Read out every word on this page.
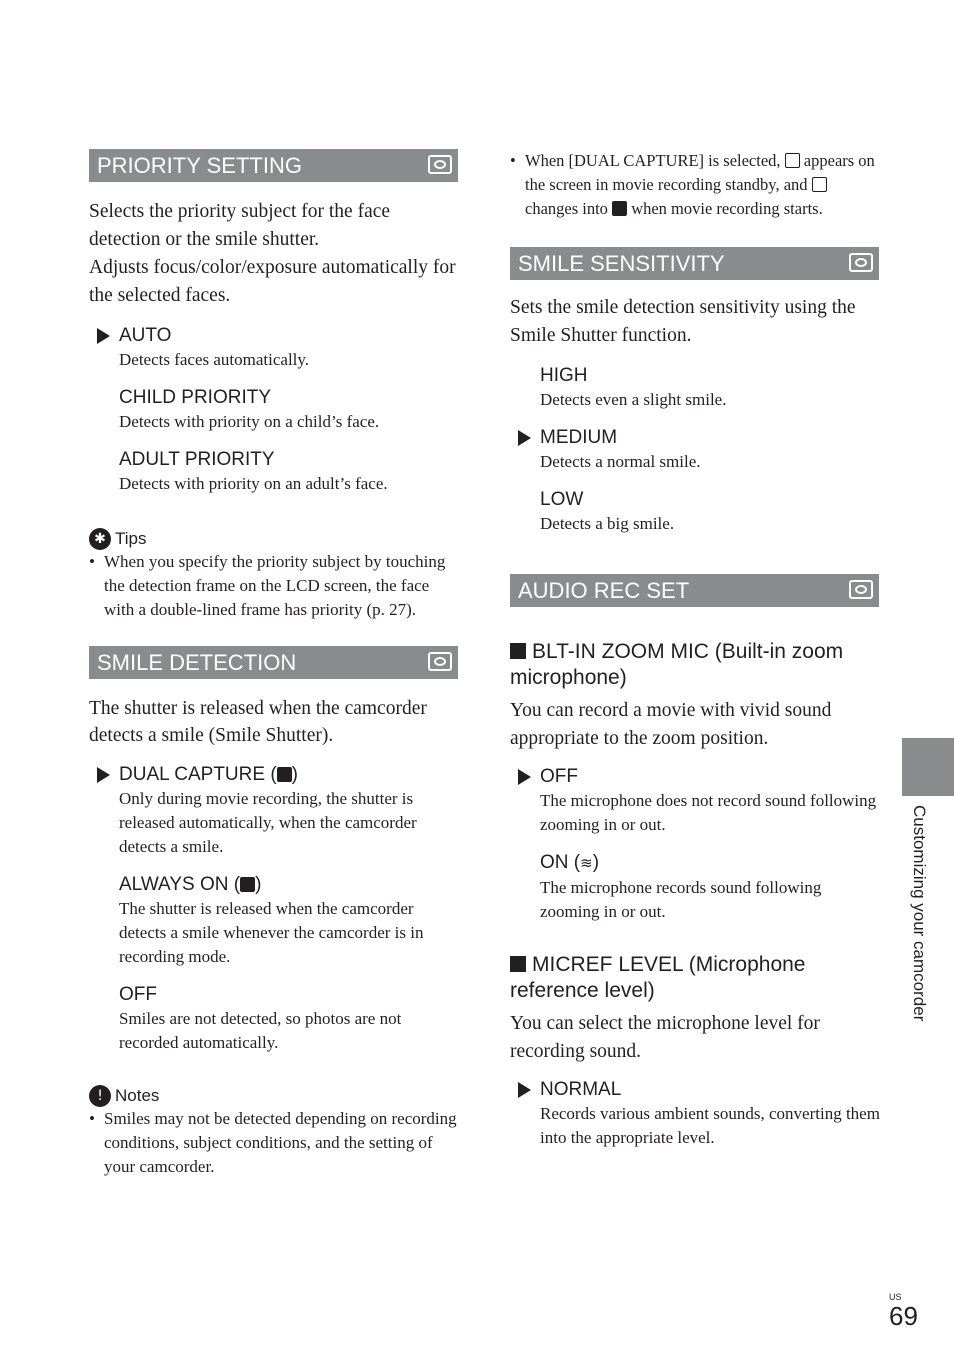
PRIORITY SETTING

Selects the priority subject for the face detection or the smile shutter.

Adjusts focus/color/exposure automatically for the selected faces.

AUTO
Detects faces automatically.
CHILD PRIORITY
Detects with priority on a child’s face.
ADULT PRIORITY
Detects with priority on an adult’s face.
✱ Tips

• When you specify the priority subject by touching the detection frame on the LCD screen, the face with a double-lined frame has priority (p. 27).

SMILE DETECTION

The shutter is released when the camcorder detects a smile (Smile Shutter).

DUAL CAPTURE ( )
Only during movie recording, the shutter is released automatically, when the camcorder detects a smile.
ALWAYS ON ( )
The shutter is released when the camcorder detects a smile whenever the camcorder is in recording mode.
OFF
Smiles are not detected, so photos are not recorded automatically.
! Notes

• Smiles may not be detected depending on recording conditions, subject conditions, and the setting of your camcorder.

• When [DUAL CAPTURE] is selected,  appears on the screen in movie recording standby, and  changes into  when movie recording starts.

SMILE SENSITIVITY

Sets the smile detection sensitivity using the Smile Shutter function.

HIGH
Detects even a slight smile.
MEDIUM
Detects a normal smile.
LOW
Detects a big smile.
AUDIO REC SET

BLT-IN ZOOM MIC (Built-in zoom microphone)

You can record a movie with vivid sound appropriate to the zoom position.

OFF
The microphone does not record sound following zooming in or out.
ON (≋)
The microphone records sound following zooming in or out.

MICREF LEVEL (Microphone reference level)

You can select the microphone level for recording sound.

NORMAL
Records various ambient sounds, converting them into the appropriate level.
Customizing your camcorder
US
69
